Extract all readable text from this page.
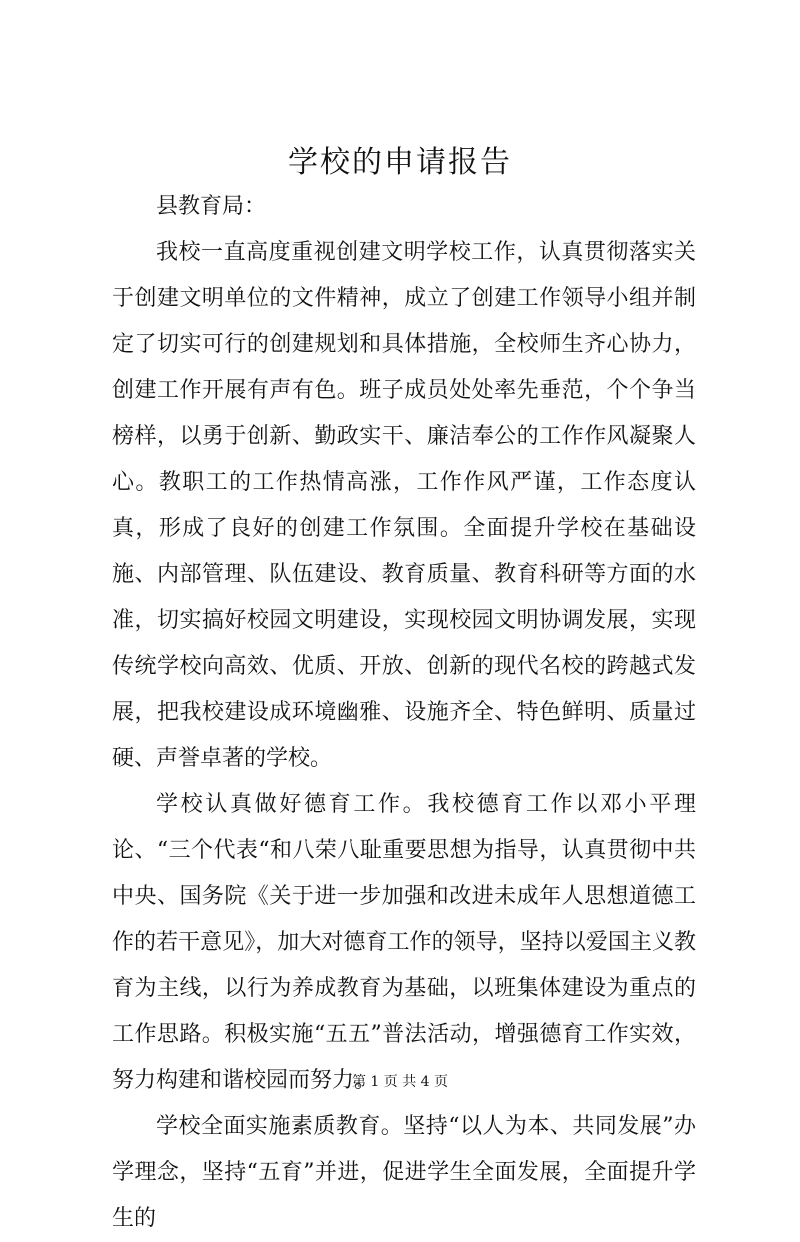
学校的申请报告

县教育局：

我校一直高度重视创建文明学校工作，认真贯彻落实关于创建文明单位的文件精神，成立了创建工作领导小组并制定了切实可行的创建规划和具体措施，全校师生齐心协力，创建工作开展有声有色。班子成员处处率先垂范，个个争当榜样，以勇于创新、勤政实干、廉洁奉公的工作作风凝聚人心。教职工的工作热情高涨，工作作风严谨，工作态度认真，形成了良好的创建工作氛围。全面提升学校在基础设施、内部管理、队伍建设、教育质量、教育科研等方面的水准，切实搞好校园文明建设，实现校园文明协调发展，实现传统学校向高效、优质、开放、创新的现代名校的跨越式发展，把我校建设成环境幽雅、设施齐全、特色鲜明、质量过硬、声誉卓著的学校。

学校认真做好德育工作。我校德育工作以邓小平理论、“三个代表“和八荣八耻重要思想为指导，认真贯彻中共中央、国务院《关于进一步加强和改进未成年人思想道德工作的若干意见》，加大对德育工作的领导，坚持以爱国主义教育为主线，以行为养成教育为基础，以班集体建设为重点的工作思路。积极实施“五五”普法活动，增强德育工作实效，努力构建和谐校园而努力。

学校全面实施素质教育。坚持“以人为本、共同发展”办学理念，坚持“五育”并进，促进学生全面发展，全面提升学生的

第 1 页 共 4 页
